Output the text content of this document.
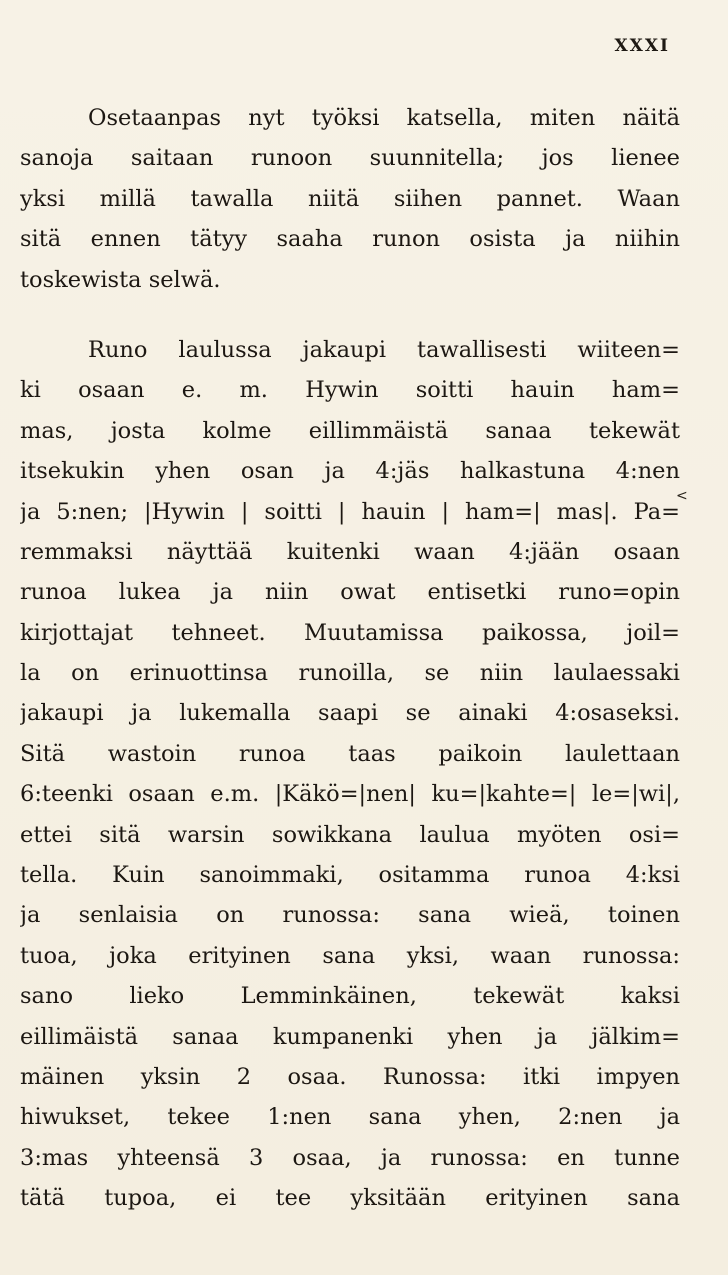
XXXI
<
Osetaanpas nyt työksi katsella, miten näitä
sanoja saitaan runoon suunnitella; jos lienee
yksi millä tawalla niitä siihen pannet. Waan
sitä ennen tätyy saaha runon osista ja niihin
toskewista selwä.
Runo laulussa jakaupi tawallisesti wiiteen=
ki osaan e. m. Hywin soitti hauin ham=
mas, josta kolme eillimmäistä sanaa tekewät
itsekukin yhen osan ja 4:jäs halkastuna 4:nen
ja 5:nen; |Hywin | soitti | hauin | ham=| mas|. Pa=
remmaksi näyttää kuitenki waan 4:jään osaan
runoa lukea ja niin owat entisetki runo=opin
kirjottajat tehneet. Muutamissa paikossa, joil=
la on erinuottinsa runoilla, se niin laulaessaki
jakaupi ja lukemalla saapi se ainaki 4:osaseksi.
Sitä wastoin runoa taas paikoin laulettaan
6:teenki osaan e.m. |Käkö=|nen| ku=|kahte=| le=|wi|,
ettei sitä warsin sowikkana laulua myöten osi=
tella. Kuin sanoimmaki, ositamma runoa 4:ksi
ja senlaisia on runossa: sana wieä, toinen
tuoa, joka erityinen sana yksi, waan runossa:
sano lieko Lemminkäinen, tekewät kaksi
eillimäistä sanaa kumpanenki yhen ja jälkim=
mäinen yksin 2 osaa. Runossa: itki impyen
hiwukset, tekee 1:nen sana yhen, 2:nen ja
3:mas yhteensä 3 osaa, ja runossa: en tunne
tätä tupoa, ei tee yksitään erityinen sana
